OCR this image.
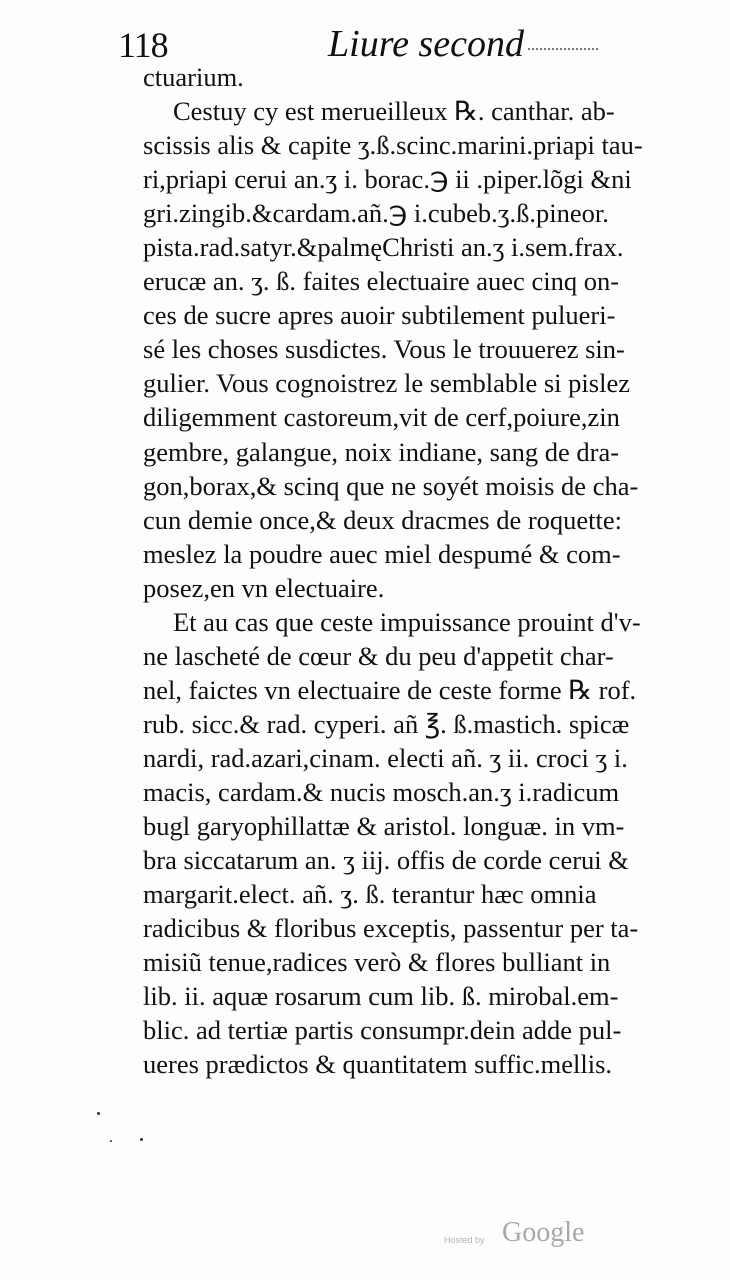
118	Liure second
ctuarium.
Cestuy cy est merueilleux ℞. canthar. ab-
scissis alis & capite ʒ.ß.scinc.marini.priapi tau-
ri,priapi cerui an.ʒ i. borac.℈ ii .piper.lõgi &ni
gri.zingib.&cardam.añ.℈ i.cubeb.ʒ.ß.pineor.
pista.rad.satyr.&palmęChristi an.ʒ i.sem.frax.
erucæ an. ʒ. ß. faites electuaire auec cinq on-
ces de sucre apres auoir subtilement pulueri-
sé les choses susdictes. Vous le trouuerez sin-
gulier. Vous cognoistrez le semblable si pislez
diligemment castoreum,vit de cerf,poiure,zin
gembre, galangue, noix indiane, sang de dra-
gon,borax,& scinq que ne soyét moisis de cha-
cun demie once,& deux dracmes de roquette:
meslez la poudre auec miel despumé & com-
posez,en vn electuaire.
Et au cas que ceste impuissance prouint d'v-
ne lascheté de cœur & du peu d'appetit char-
nel, faictes vn electuaire de ceste forme ℞ rof.
rub. sicc.& rad. cyperi. añ ℥. ß.mastich. spicæ
nardi, rad.azari,cinam. electi añ. ʒ ii. croci ʒ i.
macis, cardam.& nucis mosch.an.ʒ i.radicum
bugl garyophillattæ & aristol. longuæ. in vm-
bra siccatarum an. ʒ iij. offis de corde cerui &
margarit.elect. añ. ʒ. ß. terantur hæc omnia
radicibus & floribus exceptis, passentur per ta-
misiũ tenue,radices verò & flores bulliant in
lib. ii. aquæ rosarum cum lib. ß. mirobal.em-
blic. ad tertiæ partis consumpr.dein adde pul-
ueres prædictos & quantitatem suffic.mellis.
Hosted by Google
